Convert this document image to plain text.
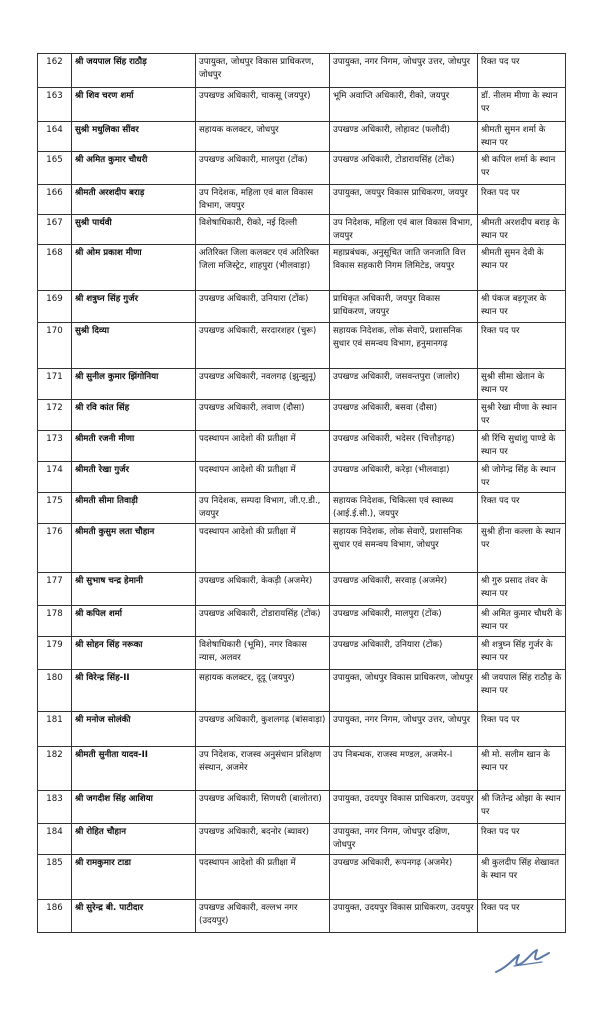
162	श्री जयपाल सिंह राठौड़	उपायुक्त, जोधपुर विकास प्राधिकरण, जोधपुर	उपायुक्त, नगर निगम, जोधपुर उत्तर, जोधपुर	रिक्त पद पर
163	श्री शिव चरण शर्मा	उपखण्ड अधिकारी, चाकसू (जयपुर)	भूमि अवाप्ति अधिकारी, रीको, जयपुर	डॉ. नीलम मीणा के स्थान पर
164	सुश्री मधुलिका सींवर	सहायक कलक्टर, जोधपुर	उपखण्ड अधिकारी, लोहावट (फलौदी)	श्रीमती सुमन शर्मा के स्थान पर
165	श्री अमित कुमार चौधरी	उपखण्ड अधिकारी, मालपुरा (टोंक)	उपखण्ड अधिकारी, टोडारायसिंह (टोंक)	श्री कपिल शर्मा के स्थान पर
166	श्रीमती अरशदीप बराड़	उप निदेशक, महिला एवं बाल विकास विभाग, जयपुर	उपायुक्त, जयपुर विकास प्राधिकरण, जयपुर	रिक्त पद पर
167	सुश्री पार्थवी	विशेषाधिकारी, रीको, नई दिल्ली	उप निदेशक, महिला एवं बाल विकास विभाग, जयपुर	श्रीमती अरशदीप बराड़ के स्थान पर
168	श्री ओम प्रकाश मीणा	अतिरिक्त जिला कलक्टर एवं अतिरिक्त जिला मजिस्ट्रेट, शाहपुरा (भीलवाड़ा)	महाप्रबंधक, अनुसूचित जाति जनजाति वित्त विकास सहकारी निगम लिमिटेड, जयपुर	श्रीमती सुमन देवी के स्थान पर
169	श्री शत्रुघ्न सिंह गुर्जर	उपखण्ड अधिकारी, उनियारा (टोंक)	प्राधिकृत अधिकारी, जयपुर विकास प्राधिकरण, जयपुर	श्री पंकज बड़गूजर के स्थान पर
170	सुश्री दिव्या	उपखण्ड अधिकारी, सरदारशहर (चुरू)	सहायक निदेशक, लोक सेवाऐं, प्रशासनिक सुधार एवं समन्वय विभाग, हनुमानगढ़	रिक्त पद पर
171	श्री सुनील कुमार झिंगोनिया	उपखण्ड अधिकारी, नवलगढ़ (झुन्झुनू)	उपखण्ड अधिकारी, जसवन्तपुरा (जालोर)	सुश्री सीमा खेतान के स्थान पर
172	श्री रवि कांत सिंह	उपखण्ड अधिकारी, लवाण (दौसा)	उपखण्ड अधिकारी, बसवा (दौसा)	सुश्री रेखा मीणा के स्थान पर
173	श्रीमती रजनी मीणा	पदस्थापन आदेशो की प्रतीक्षा में	उपखण्ड अधिकारी, भदेसर (चित्तौड़गढ़)	श्री रिंचि सुधांशु पाण्डे के स्थान पर
174	श्रीमती रेखा गुर्जर	पदस्थापन आदेशो की प्रतीक्षा में	उपखण्ड अधिकारी, करेड़ा (भीलवाड़ा)	श्री जोगेन्द्र सिंह के स्थान पर
175	श्रीमती सीमा तिवाड़ी	उप निदेशक, सम्पदा विभाग, जी.ए.डी., जयपुर	सहायक निदेशक, चिकित्सा एवं स्वास्थ्य (आई.ई.सी.), जयपुर	रिक्त पद पर
176	श्रीमती कुसुम लता चौहान	पदस्थापन आदेशो की प्रतीक्षा में	सहायक निदेशक, लोक सेवाऐं, प्रशासनिक सुधार एवं समन्वय विभाग, जोधपुर	सुश्री हीना कल्ला के स्थान पर
177	श्री सुभाष चन्द्र हेमानी	उपखण्ड अधिकारी, केकड़ी (अजमेर)	उपखण्ड अधिकारी, सरवाड़ (अजमेर)	श्री गुरु प्रसाद तंवर के स्थान पर
178	श्री कपिल शर्मा	उपखण्ड अधिकारी, टोडारायसिंह (टोंक)	उपखण्ड अधिकारी, मालपुरा (टोंक)	श्री अमित कुमार चौधरी के स्थान पर
179	श्री सोहन सिंह नरूका	विशेषाधिकारी (भूमि), नगर विकास न्यास, अलवर	उपखण्ड अधिकारी, उनियारा (टोंक)	श्री शत्रुघ्न सिंह गुर्जर के स्थान पर
180	श्री विरेन्द्र सिंह-II	सहायक कलक्टर, दूदू (जयपुर)	उपायुक्त, जोधपुर विकास प्राधिकरण, जोधपुर	श्री जयपाल सिंह राठौड़ के स्थान पर
181	श्री मनोज सोलंकी	उपखण्ड अधिकारी, कुशलगढ़ (बांसवाड़ा)	उपायुक्त, नगर निगम, जोधपुर उत्तर, जोधपुर	रिक्त पद पर
182	श्रीमती सुनीता यादव-II	उप निदेशक, राजस्व अनुसंधान प्रशिक्षण संस्थान, अजमेर	उप निबन्धक, राजस्व मण्डल, अजमेर-I	श्री मो. सलीम खान के स्थान पर
183	श्री जगदीश सिंह आशिया	उपखण्ड अधिकारी, सिणधरी (बालोतरा)	उपायुक्त, उदयपुर विकास प्राधिकरण, उदयपुर	श्री जितेन्द्र ओझा के स्थान पर
184	श्री रोहित चौहान	उपखण्ड अधिकारी, बदनोर (ब्यावर)	उपायुक्त, नगर निगम, जोधपुर दक्षिण, जोधपुर	रिक्त पद पर
185	श्री रामकुमार टाडा	पदस्थापन आदेशो की प्रतीक्षा में	उपखण्ड अधिकारी, रूपनगढ़ (अजमेर)	श्री कुलदीप सिंह शेखावत के स्थान पर
186	श्री सुरेन्द्र बी. पाटीदार	उपखण्ड अधिकारी, वल्लभ नगर (उदयपुर)	उपायुक्त, उदयपुर विकास प्राधिकरण, उदयपुर	रिक्त पद पर
